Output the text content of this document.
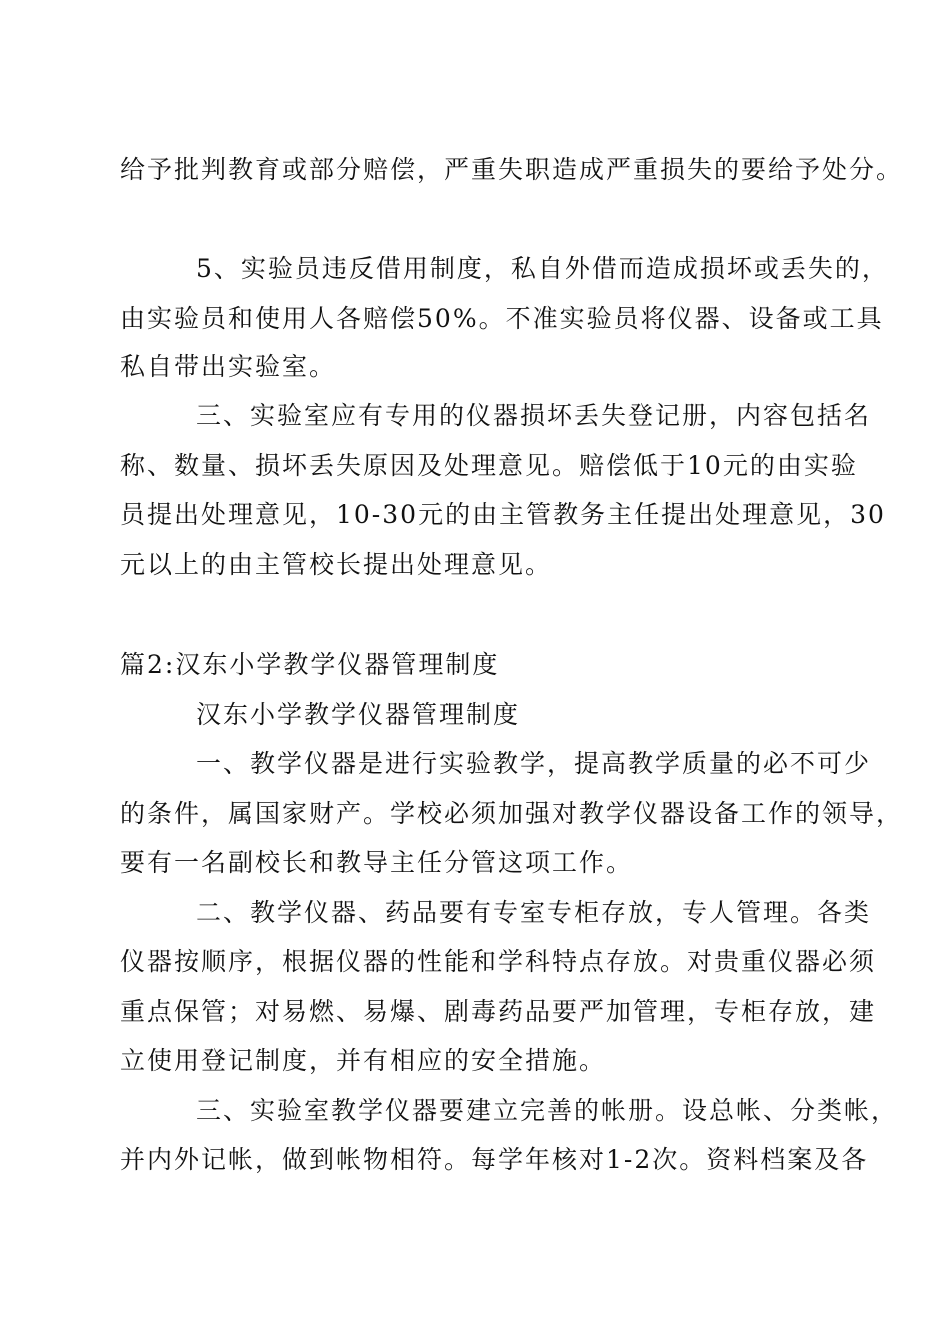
给予批判教育或部分赔偿，严重失职造成严重损失的要给予处分。
5、实验员违反借用制度，私自外借而造成损坏或丢失的，
由实验员和使用人各赔偿50%。不准实验员将仪器、设备或工具
私自带出实验室。
三、实验室应有专用的仪器损坏丢失登记册，内容包括名
称、数量、损坏丢失原因及处理意见。赔偿低于10元的由实验
员提出处理意见，10-30元的由主管教务主任提出处理意见，30
元以上的由主管校长提出处理意见。
篇2:汉东小学教学仪器管理制度
汉东小学教学仪器管理制度
一、教学仪器是进行实验教学，提高教学质量的必不可少
的条件，属国家财产。学校必须加强对教学仪器设备工作的领导，
要有一名副校长和教导主任分管这项工作。
二、教学仪器、药品要有专室专柜存放，专人管理。各类
仪器按顺序，根据仪器的性能和学科特点存放。对贵重仪器必须
重点保管；对易燃、易爆、剧毒药品要严加管理，专柜存放，建
立使用登记制度，并有相应的安全措施。
三、实验室教学仪器要建立完善的帐册。设总帐、分类帐，
并内外记帐，做到帐物相符。每学年核对1-2次。资料档案及各
